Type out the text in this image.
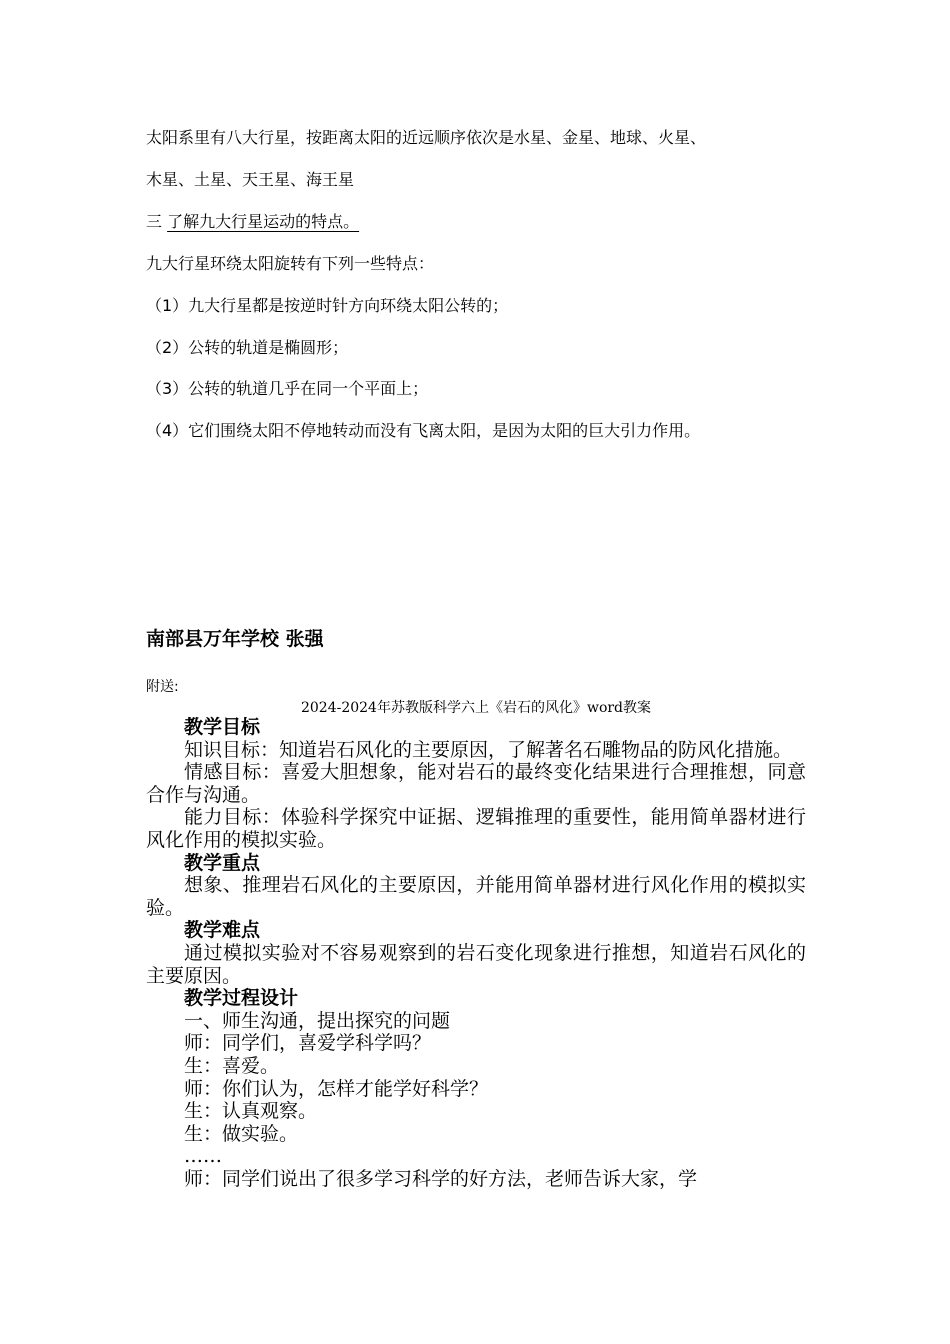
太阳系里有八大行星，按距离太阳的近远顺序依次是水星、金星、地球、火星、
木星、土星、天王星、海王星
三 了解九大行星运动的特点。
九大行星环绕太阳旋转有下列一些特点：
（1）九大行星都是按逆时针方向环绕太阳公转的；
（2）公转的轨道是椭圆形；
（3）公转的轨道几乎在同一个平面上；
（4）它们围绕太阳不停地转动而没有飞离太阳，是因为太阳的巨大引力作用。
南部县万年学校 张强
附送:
2024-2024年苏教版科学六上《岩石的风化》word教案

教学目标

知识目标：知道岩石风化的主要原因，了解著名石雕物品的防风化措施。

情感目标：喜爱大胆想象，能对岩石的最终变化结果进行合理推想，同意合作与沟通。

能力目标：体验科学探究中证据、逻辑推理的重要性，能用简单器材进行风化作用的模拟实验。

教学重点

想象、推理岩石风化的主要原因，并能用简单器材进行风化作用的模拟实验。

教学难点

通过模拟实验对不容易观察到的岩石变化现象进行推想，知道岩石风化的主要原因。

教学过程设计

一、师生沟通，提出探究的问题

师：同学们，喜爱学科学吗？

生：喜爱。

师：你们认为，怎样才能学好科学？

生：认真观察。

生：做实验。

……

师：同学们说出了很多学习科学的好方法，老师告诉大家，学
